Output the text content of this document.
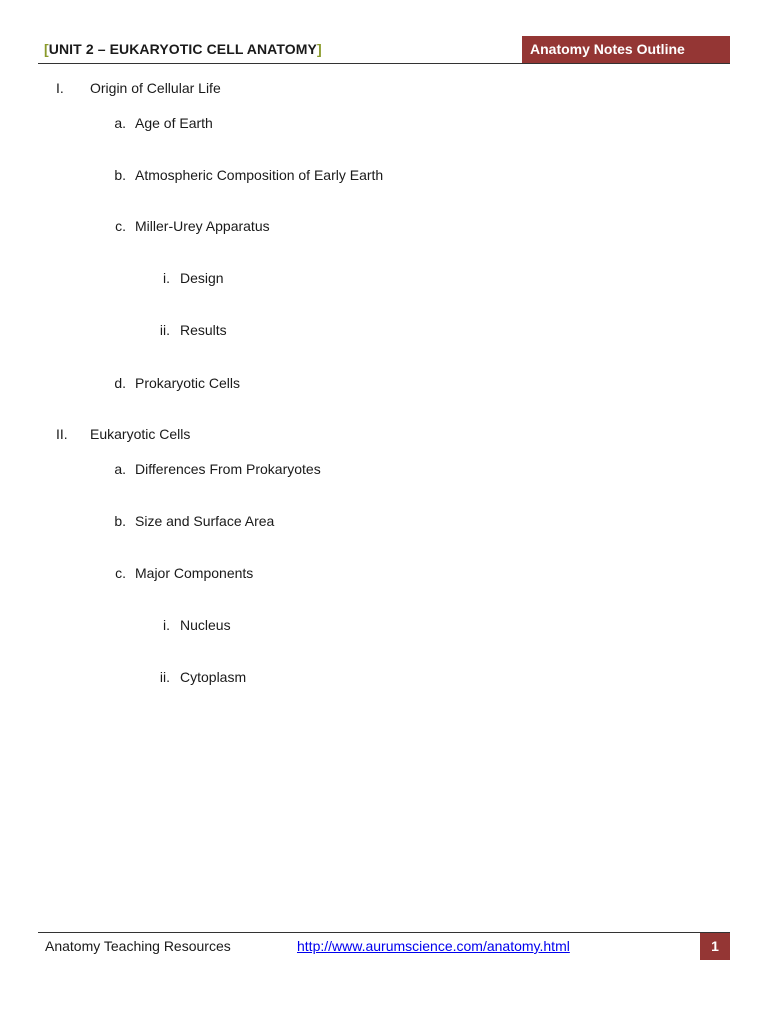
[UNIT 2 – EUKARYOTIC CELL ANATOMY]	Anatomy Notes Outline
I.	Origin of Cellular Life
a. Age of Earth
b. Atmospheric Composition of Early Earth
c. Miller-Urey Apparatus
i. Design
ii. Results
d. Prokaryotic Cells
II.	Eukaryotic Cells
a. Differences From Prokaryotes
b. Size and Surface Area
c. Major Components
i. Nucleus
ii. Cytoplasm
Anatomy Teaching Resources	http://www.aurumscience.com/anatomy.html	1
